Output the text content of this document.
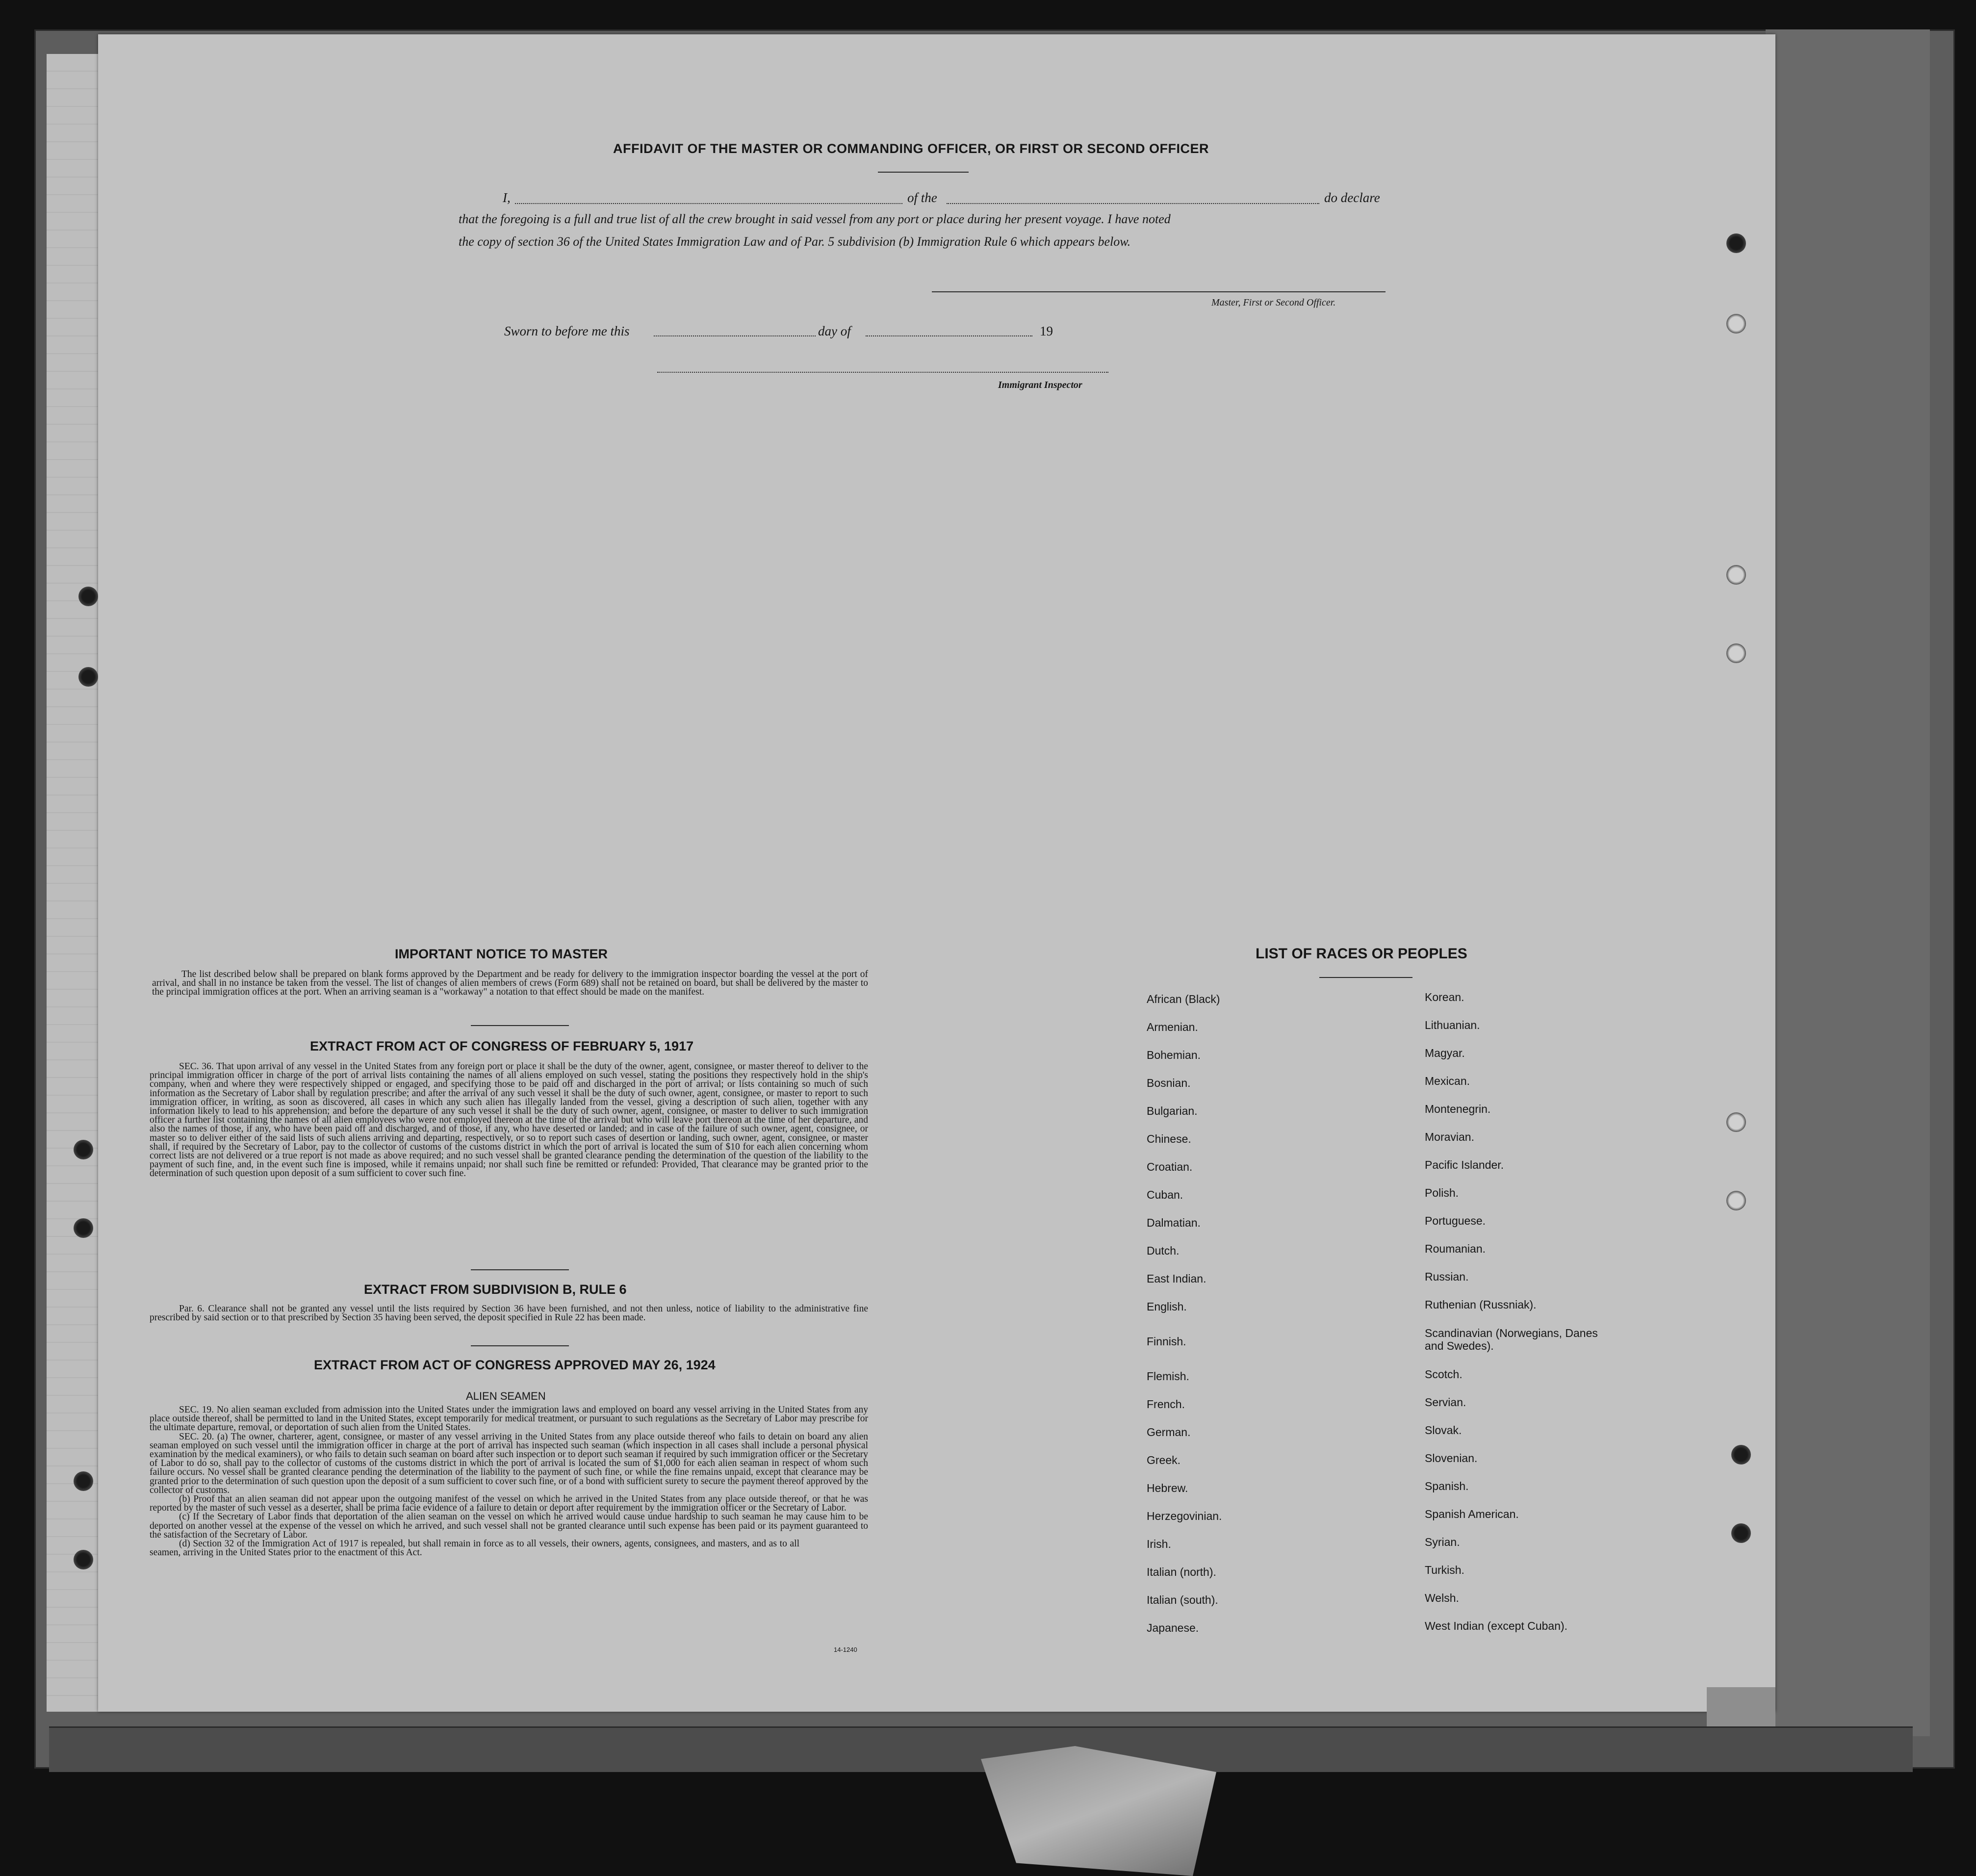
AFFIDAVIT OF THE MASTER OR COMMANDING OFFICER, OR FIRST OR SECOND OFFICER
I,	of the	do declare
that the foregoing is a full and true list of all the crew brought in said vessel from any port or place during her present voyage. I have noted
the copy of section 36 of the United States Immigration Law and of Par. 5 subdivision (b) Immigration Rule 6 which appears below.
Master, First or Second Officer.
Sworn to before me this	day of	19
Immigrant Inspector
IMPORTANT NOTICE TO MASTER

The list described below shall be prepared on blank forms approved by the Department and be ready for delivery to the immigration inspector boarding the vessel at the port of arrival, and shall in no instance be taken from the vessel. The list of changes of alien members of crews (Form 689) shall not be retained on board, but shall be delivered by the master to the principal immigration offices at the port. When an arriving seaman is a "workaway" a notation to that effect should be made on the manifest.

EXTRACT FROM ACT OF CONGRESS OF FEBRUARY 5, 1917

SEC. 36. That upon arrival of any vessel in the United States from any foreign port or place it shall be the duty of the owner, agent, consignee, or master thereof to deliver to the principal immigration officer in charge of the port of arrival lists containing the names of all aliens employed on such vessel, stating the positions they respectively hold in the ship's company, when and where they were respectively shipped or engaged, and specifying those to be paid off and discharged in the port of arrival; or lists containing so much of such information as the Secretary of Labor shall by regulation prescribe; and after the arrival of any such vessel it shall be the duty of such owner, agent, consignee, or master to report to such immigration officer, in writing, as soon as discovered, all cases in which any such alien has illegally landed from the vessel, giving a description of such alien, together with any information likely to lead to his apprehension; and before the departure of any such vessel it shall be the duty of such owner, agent, consignee, or master to deliver to such immigration officer a further list containing the names of all alien employees who were not employed thereon at the time of the arrival but who will leave port thereon at the time of her departure, and also the names of those, if any, who have been paid off and discharged, and of those, if any, who have deserted or landed; and in case of the failure of such owner, agent, consignee, or master so to deliver either of the said lists of such aliens arriving and departing, respectively, or so to report such cases of desertion or landing, such owner, agent, consignee, or master shall, if required by the Secretary of Labor, pay to the collector of customs of the customs district in which the port of arrival is located the sum of $10 for each alien concerning whom correct lists are not delivered or a true report is not made as above required; and no such vessel shall be granted clearance pending the determination of the question of the liability to the payment of such fine, and, in the event such fine is imposed, while it remains unpaid; nor shall such fine be remitted or refunded: Provided, That clearance may be granted prior to the determination of such question upon deposit of a sum sufficient to cover such fine.

EXTRACT FROM SUBDIVISION B, RULE 6

Par. 6. Clearance shall not be granted any vessel until the lists required by Section 36 have been furnished, and not then unless, notice of liability to the administrative fine prescribed by said section or to that prescribed by Section 35 having been served, the deposit specified in Rule 22 has been made.

EXTRACT FROM ACT OF CONGRESS APPROVED MAY 26, 1924
ALIEN SEAMEN

SEC. 19. No alien seaman excluded from admission into the United States under the immigration laws and employed on board any vessel arriving in the United States from any place outside thereof, shall be permitted to land in the United States, except temporarily for medical treatment, or pursuant to such regulations as the Secretary of Labor may prescribe for the ultimate departure, removal, or deportation of such alien from the United States.

SEC. 20. (a) The owner, charterer, agent, consignee, or master of any vessel arriving in the United States from any place outside thereof who fails to detain on board any alien seaman employed on such vessel until the immigration officer in charge at the port of arrival has inspected such seaman (which inspection in all cases shall include a personal physical examination by the medical examiners), or who fails to detain such seaman on board after such inspection or to deport such seaman if required by such immigration officer or the Secretary of Labor to do so, shall pay to the collector of customs of the customs district in which the port of arrival is located the sum of $1,000 for each alien seaman in respect of whom such failure occurs. No vessel shall be granted clearance pending the determination of the liability to the payment of such fine, or while the fine remains unpaid, except that clearance may be granted prior to the determination of such question upon the deposit of a sum sufficient to cover such fine, or of a bond with sufficient surety to secure the payment thereof approved by the collector of customs.

(b) Proof that an alien seaman did not appear upon the outgoing manifest of the vessel on which he arrived in the United States from any place outside thereof, or that he was reported by the master of such vessel as a deserter, shall be prima facie evidence of a failure to detain or deport after requirement by the immigration officer or the Secretary of Labor.

(c) If the Secretary of Labor finds that deportation of the alien seaman on the vessel on which he arrived would cause undue hardship to such seaman he may cause him to be deported on another vessel at the expense of the vessel on which he arrived, and such vessel shall not be granted clearance until such expense has been paid or its payment guaranteed to the satisfaction of the Secretary of Labor.

(d) Section 32 of the Immigration Act of 1917 is repealed, but shall remain in force as to all vessels, their owners, agents, consignees, and masters, and as to all seamen, arriving in the United States prior to the enactment of this Act.

14-1240
LIST OF RACES OR PEOPLES
African (Black)
Armenian.
Bohemian.
Bosnian.
Bulgarian.
Chinese.
Croatian.
Cuban.
Dalmatian.
Dutch.
East Indian.
English.
Finnish.
Flemish.
French.
German.
Greek.
Hebrew.
Herzegovinian.
Irish.
Italian (north).
Italian (south).
Japanese.
Korean.
Lithuanian.
Magyar.
Mexican.
Montenegrin.
Moravian.
Pacific Islander.
Polish.
Portuguese.
Roumanian.
Russian.
Ruthenian (Russniak).
Scandinavian (Norwegians, Danes and Swedes).
Scotch.
Servian.
Slovak.
Slovenian.
Spanish.
Spanish American.
Syrian.
Turkish.
Welsh.
West Indian (except Cuban).
